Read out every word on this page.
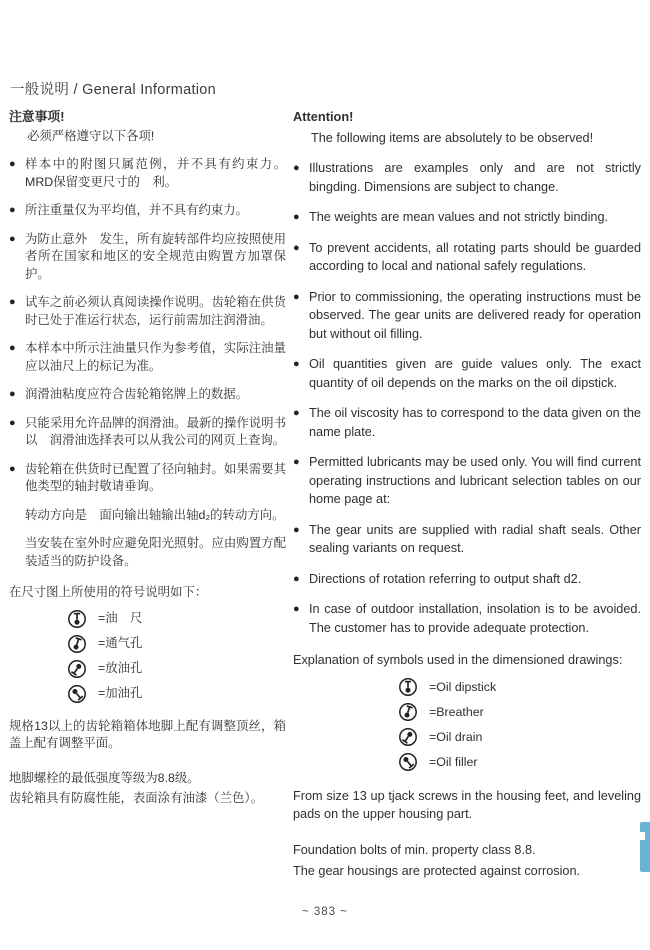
一般说明 / General Information
注意事项!
必须严格遵守以下各项!
● 样本中的附图只属范例，并不具有约束力。MRD保留变更尺寸的　利。
● 所注重量仅为平均值，并不具有约束力。
● 为防止意外　发生，所有旋转部件均应按照使用者所在国家和地区的安全规范由购置方加罩保护。
● 试车之前必须认真阅读操作说明。齿轮箱在供货时已处于准运行状态，运行前需加注润滑油。
● 本样本中所示注油量只作为参考值，实际注油量应以油尺上的标记为准。
● 润滑油粘度应符合齿轮箱铭牌上的数据。
● 只能采用允许品牌的润滑油。最新的操作说明书以　润滑油选择表可以从我公司的网页上查询。
● 齿轮箱在供货时已配置了径向轴封。如果需要其他类型的轴封敬请垂询。
转动方向是　面向输出轴输出轴d₂的转动方向。
当安装在室外时应避免阳光照射。应由购置方配装适当的防护设备。
在尺寸图上所使用的符号说明如下：
=油　尺
=通气孔
=放油孔
=加油孔
规格13以上的齿轮箱箱体地脚上配有调整顶丝，箱盖上配有调整平面。
地脚螺栓的最低强度等级为8.8级。
齿轮箱具有防腐性能，表面涂有油漆（兰色）。
Attention!
The following items are absolutely to be observed!
● Illustrations are examples only and are not strictly bingding. Dimensions are subject to change.
● The weights are mean values and not strictly binding.
● To prevent accidents, all rotating parts should be guarded according to local and national safely regulations.
● Prior to commissioning, the operating instructions must be observed. The gear units are delivered ready for operation but without oil filling.
● Oil quantities given are guide values only. The exact quantity of oil depends on the marks on the oil dipstick.
● The oil viscosity has to correspond to the data given on the name plate.
● Permitted lubricants may be used only. You will find current operating instructions and lubricant selection tables on our home page at:
● The gear units are supplied with radial shaft seals. Other sealing variants on request.
● Directions of rotation referring to output shaft d2.
● In case of outdoor installation, insolation is to be avoided. The customer has to provide adequate protection.
Explanation of symbols used in the dimensioned drawings:
=Oil dipstick
=Breather
=Oil drain
=Oil filler
From size 13 up tjack screws in the housing feet, and leveling pads on the upper housing part.
Foundation bolts of min. property class 8.8.
The gear housings are protected against corrosion.
~ 383 ~
